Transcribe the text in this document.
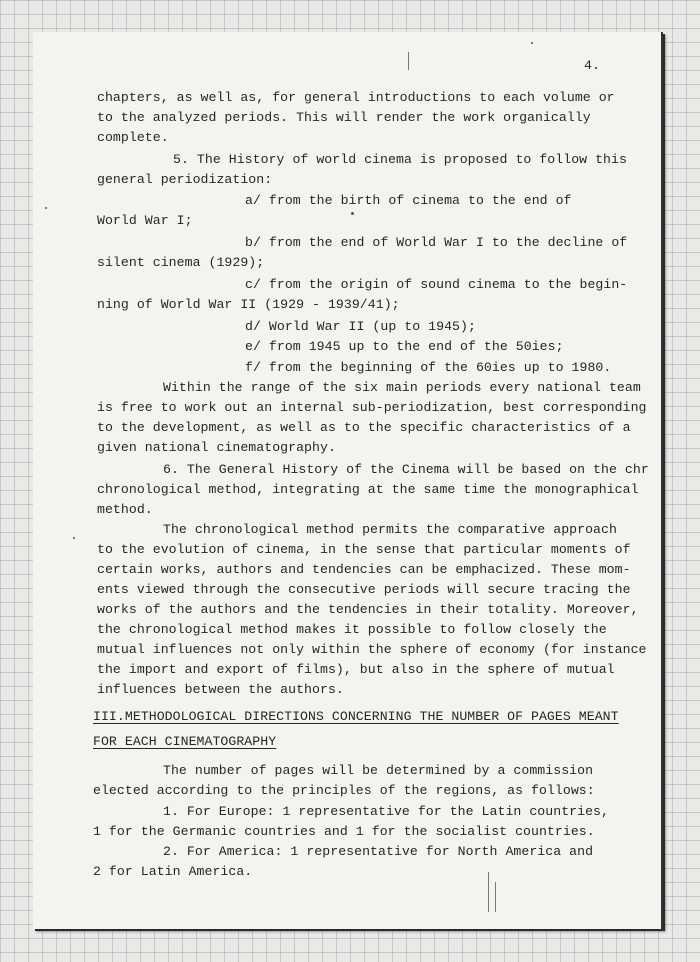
4.
chapters, as well as, for general introductions to each volume or
to the analyzed periods. This will render the work organically
complete.
5. The History of world cinema is proposed to follow this
general periodization:
a/ from the birth of cinema to the end of
World War I;
b/ from the end of World War I to the decline of
silent cinema (1929);
c/ from the origin of sound cinema to the begin-
ning of World War II (1929 - 1939/41);
d/ World War II (up to 1945);
e/ from 1945 up to the end of the 50ies;
f/ from the beginning of the 60ies up to 1980.
Within the range of the six main periods every national team
is free to work out an internal sub-periodization, best corresponding
to the development, as well as to the specific characteristics of a
given national cinematography.
6. The General History of the Cinema will be based on the chr
chronological method, integrating at the same time the monographical
method.
The chronological method permits the comparative approach
to the evolution of cinema, in the sense that particular moments of
certain works, authors and tendencies can be emphacized. These mom-
ents viewed through the consecutive periods will secure tracing the
works of the authors and the tendencies in their totality. Moreover,
the chronological method makes it possible to follow closely the
mutual influences not only within the sphere of economy (for instance
the import and export of films), but also in the sphere of mutual
influences between the authors.
III.METHODOLOGICAL DIRECTIONS CONCERNING THE NUMBER OF PAGES MEANT
FOR EACH CINEMATOGRAPHY
The number of pages will be determined by a commission
elected according to the principles of the regions, as follows:
1. For Europe: 1 representative for the Latin countries,
1 for the Germanic countries and 1 for the socialist countries.
2. For America: 1 representative for North America and
2 for Latin America.
